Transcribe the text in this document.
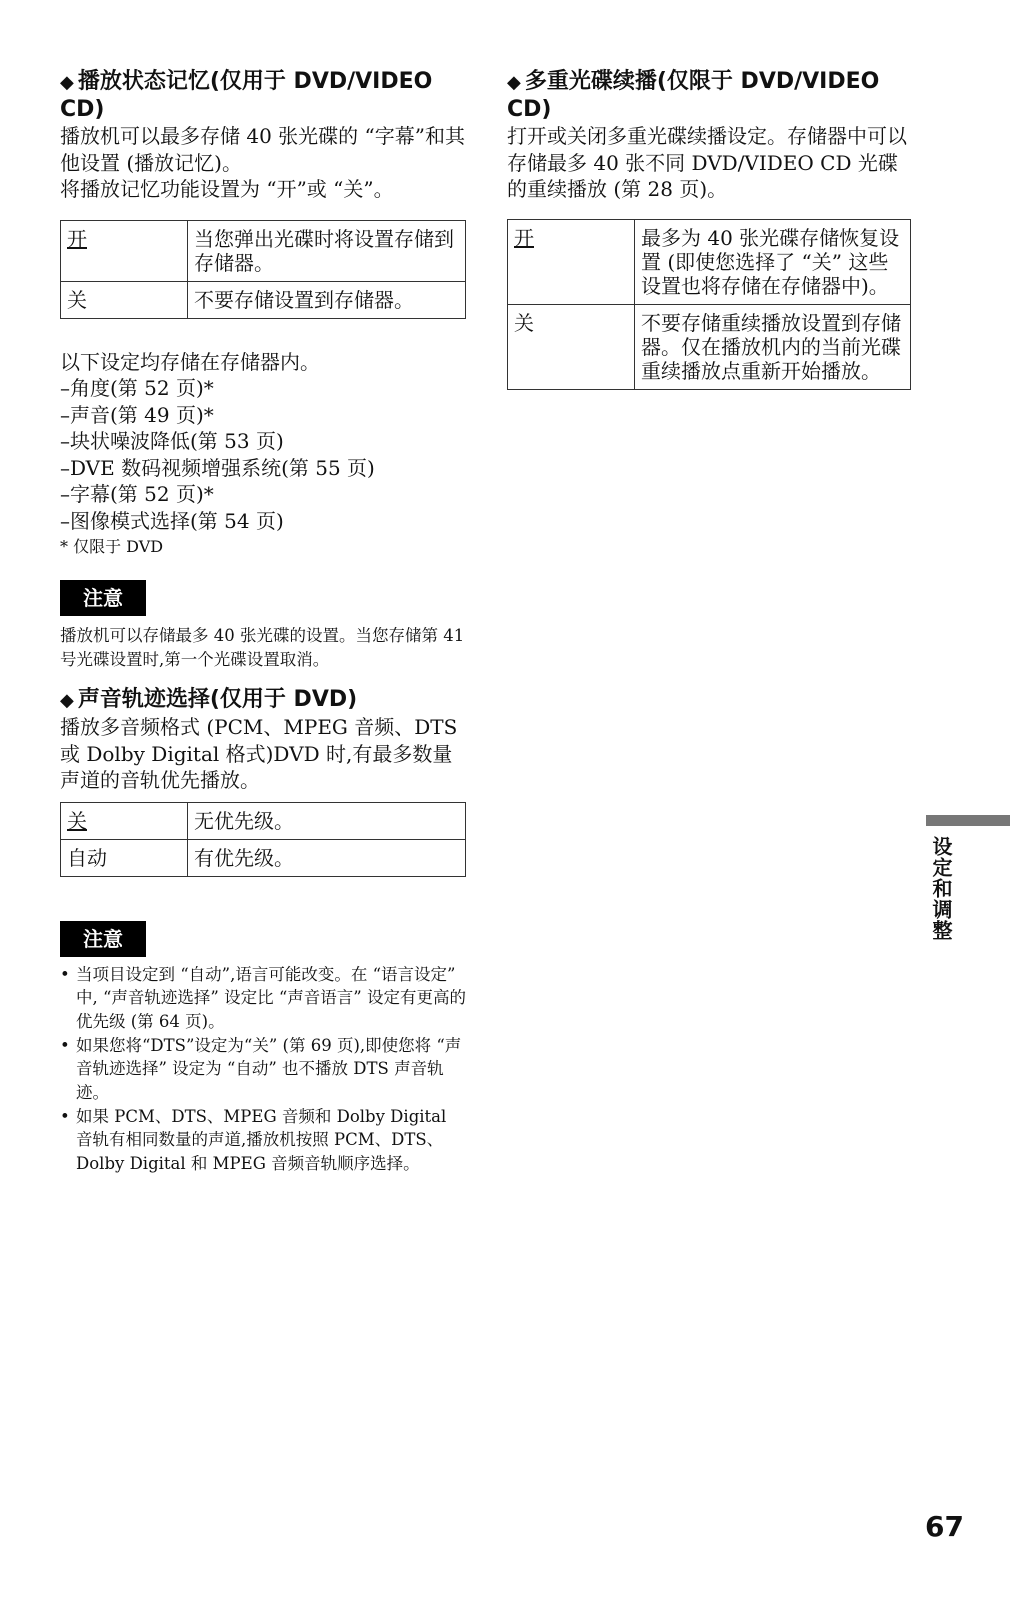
◆ 播放状态记忆(仅用于 DVD/VIDEO CD)

播放机可以最多存储 40 张光碟的 “字幕”和其他设置 (播放记忆)。

将播放记忆功能设置为 “开”或 “关”。

开	当您弹出光碟时将设置存储到存储器。
关	不要存储设置到存储器。

以下设定均存储在存储器内。

–角度(第 52 页)*
–声音(第 49 页)*
–块状噪波降低(第 53 页)
–DVE 数码视频增强系统(第 55 页)
–字幕(第 52 页)*
–图像模式选择(第 54 页)

* 仅限于 DVD

注意

播放机可以存储最多 40 张光碟的设置。当您存储第 41 号光碟设置时,第一个光碟设置取消。

◆ 声音轨迹选择(仅用于 DVD)

播放多音频格式 (PCM、MPEG 音频、DTS 或 Dolby Digital 格式)DVD 时,有最多数量声道的音轨优先播放。

关	无优先级。
自动	有优先级。
注意
• 当项目设定到 “自动”,语言可能改变。在 “语言设定” 中, “声音轨迹选择” 设定比 “声音语言” 设定有更高的优先级 (第 64 页)。
• 如果您将“DTS”设定为“关” (第 69 页),即使您将 “声音轨迹选择” 设定为 “自动” 也不播放 DTS 声音轨迹。
• 如果 PCM、DTS、MPEG 音频和 Dolby Digital 音轨有相同数量的声道,播放机按照 PCM、DTS、Dolby Digital 和 MPEG 音频音轨顺序选择。

◆ 多重光碟续播(仅限于 DVD/VIDEO CD)

打开或关闭多重光碟续播设定。存储器中可以存储最多 40 张不同 DVD/VIDEO CD 光碟的重续播放 (第 28 页)。

开	最多为 40 张光碟存储恢复设置 (即使您选择了 “关” 这些设置也将存储在存储器中)。
关	不要存储重续播放设置到存储器。仅在播放机内的当前光碟重续播放点重新开始播放。
设定和调整
67
